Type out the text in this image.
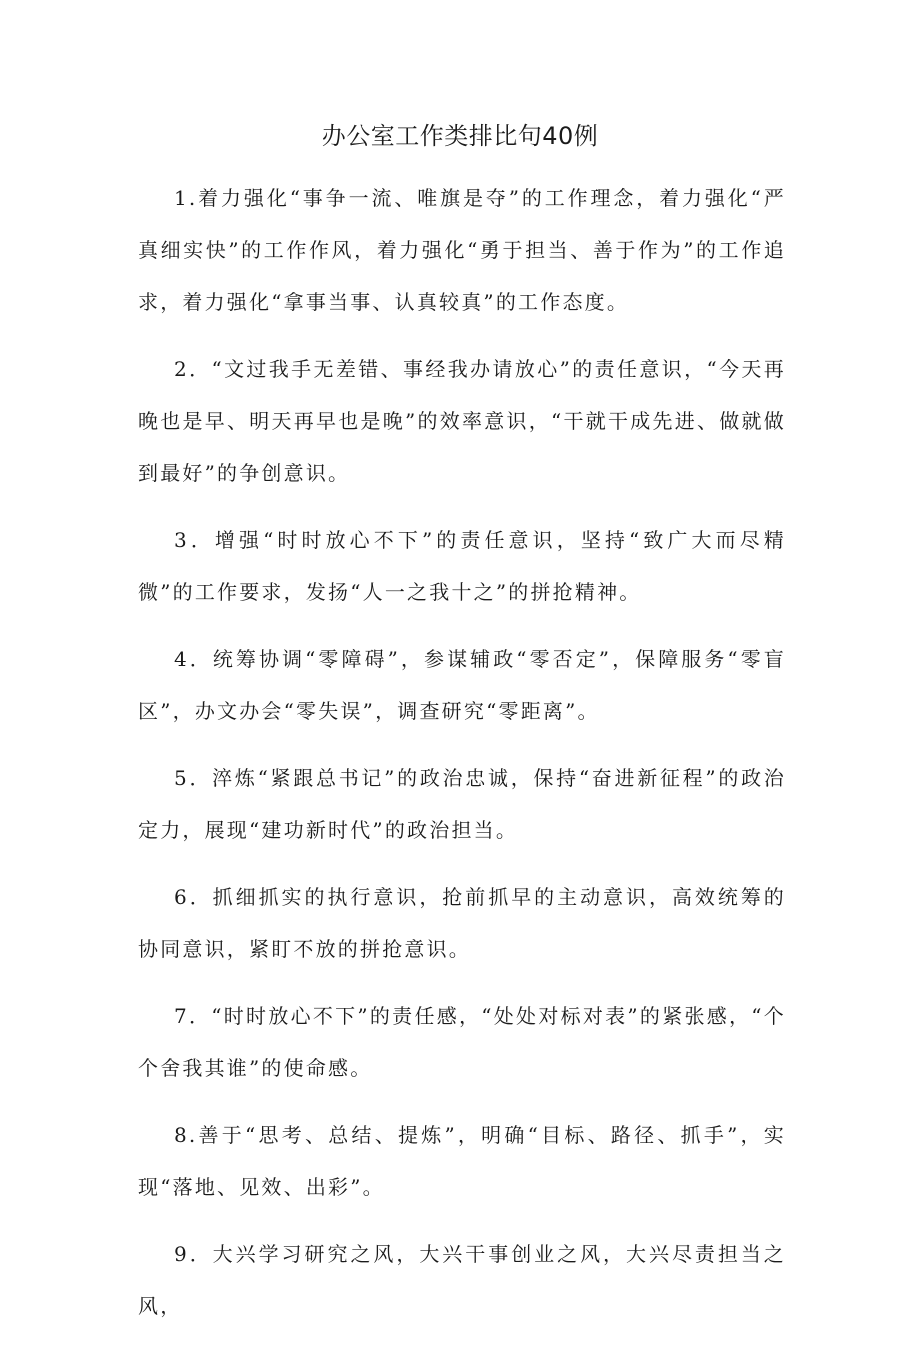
办公室工作类排比句40例

1.着力强化“事争一流、唯旗是夺”的工作理念，着力强化“严真细实快”的工作作风，着力强化“勇于担当、善于作为”的工作追求，着力强化“拿事当事、认真较真”的工作态度。

2．“文过我手无差错、事经我办请放心”的责任意识，“今天再晚也是早、明天再早也是晚”的效率意识，“干就干成先进、做就做到最好”的争创意识。

3．增强“时时放心不下”的责任意识，坚持“致广大而尽精微”的工作要求，发扬“人一之我十之”的拼抢精神。

4．统筹协调“零障碍”，参谋辅政“零否定”，保障服务“零盲区”，办文办会“零失误”，调查研究“零距离”。

5．淬炼“紧跟总书记”的政治忠诚，保持“奋进新征程”的政治定力，展现“建功新时代”的政治担当。

6．抓细抓实的执行意识，抢前抓早的主动意识，高效统筹的协同意识，紧盯不放的拼抢意识。

7．“时时放心不下”的责任感，“处处对标对表”的紧张感，“个个舍我其谁”的使命感。

8.善于“思考、总结、提炼”，明确“目标、路径、抓手”，实现“落地、见效、出彩”。

9．大兴学习研究之风，大兴干事创业之风，大兴尽责担当之风，
